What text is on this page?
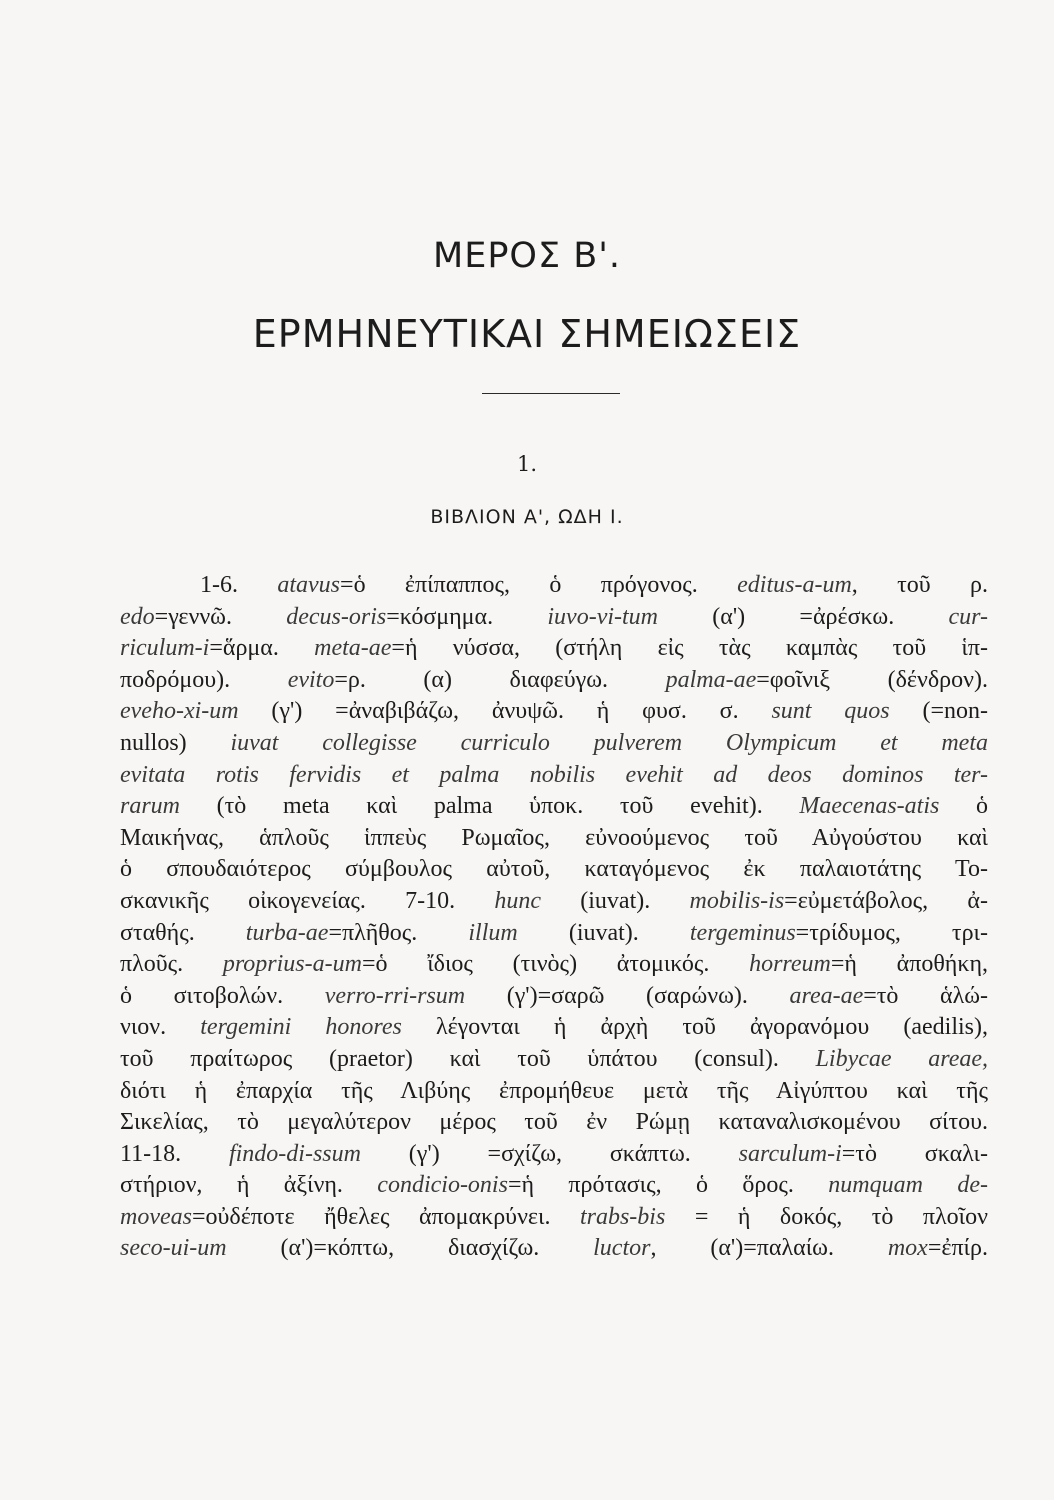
ΜΕΡΟΣ Β'.
ΕΡΜΗΝΕΥΤΙΚΑΙ ΣΗΜΕΙΩΣΕΙΣ
1.
ΒΙΒΛΙΟΝ Α', ΩΔΗ Ι.
1-6. atavus=ὁ ἐπίπαππος, ὁ πρόγονος. editus-a-um, τοῦ ρ.
edo=γεννῶ. decus-oris=κόσμημα. iuvo-vi-tum (α') =ἀρέσκω. cur-
riculum-i=ἅρμα. meta-ae=ἡ νύσσα, (στήλη εἰς τὰς καμπὰς τοῦ ἱπ-
ποδρόμου). evito=ρ. (α) διαφεύγω. palma-ae=φοῖνιξ (δένδρον).
eveho-xi-um (γ') =ἀναβιβάζω, ἀνυψῶ. ἡ φυσ. σ. sunt quos (=non-
nullos) iuvat collegisse curriculo pulverem Olympicum et meta
evitata rotis fervidis et palma nobilis evehit ad deos dominos ter-
rarum (τὸ meta καὶ palma ὑποκ. τοῦ evehit). Maecenas-atis ὁ
Μαικήνας, ἁπλοῦς ἱππεὺς Ρωμαῖος, εὐνοούμενος τοῦ Αὐγούστου καὶ
ὁ σπουδαιότερος σύμβουλος αὐτοῦ, καταγόμενος ἐκ παλαιοτάτης Το-
σκανικῆς οἰκογενείας. 7-10. hunc (iuvat). mobilis-is=εὐμετάβολος, ἀ-
σταθής. turba-ae=πλῆθος. illum (iuvat). tergeminus=τρίδυμος, τρι-
πλοῦς. proprius-a-um=ὁ ἴδιος (τινὸς) ἀτομικός. horreum=ἡ ἀποθήκη,
ὁ σιτοβολών. verro-rri-rsum (γ')=σαρῶ (σαρώνω). area-ae=τὸ ἁλώ-
νιον. tergemini honores λέγονται ἡ ἀρχὴ τοῦ ἀγορανόμου (aedilis),
τοῦ πραίτωρος (praetor) καὶ τοῦ ὑπάτου (consul). Libycae areae,
διότι ἡ ἐπαρχία τῆς Λιβύης ἐπρομήθευε μετὰ τῆς Αἰγύπτου καὶ τῆς
Σικελίας, τὸ μεγαλύτερον μέρος τοῦ ἐν Ρώμῃ καταναλισκομένου σίτου.
11-18. findo-di-ssum (γ') =σχίζω, σκάπτω. sarculum-i=τὸ σκαλι-
στήριον, ἡ ἀξίνη. condicio-onis=ἡ πρότασις, ὁ ὅρος. numquam de-
moveas=οὐδέποτε ἤθελες ἀπομακρύνει. trabs-bis = ἡ δοκός, τὸ πλοῖον
seco-ui-um (α')=κόπτω, διασχίζω. luctor, (α')=παλαίω. mox=ἐπίρ.
